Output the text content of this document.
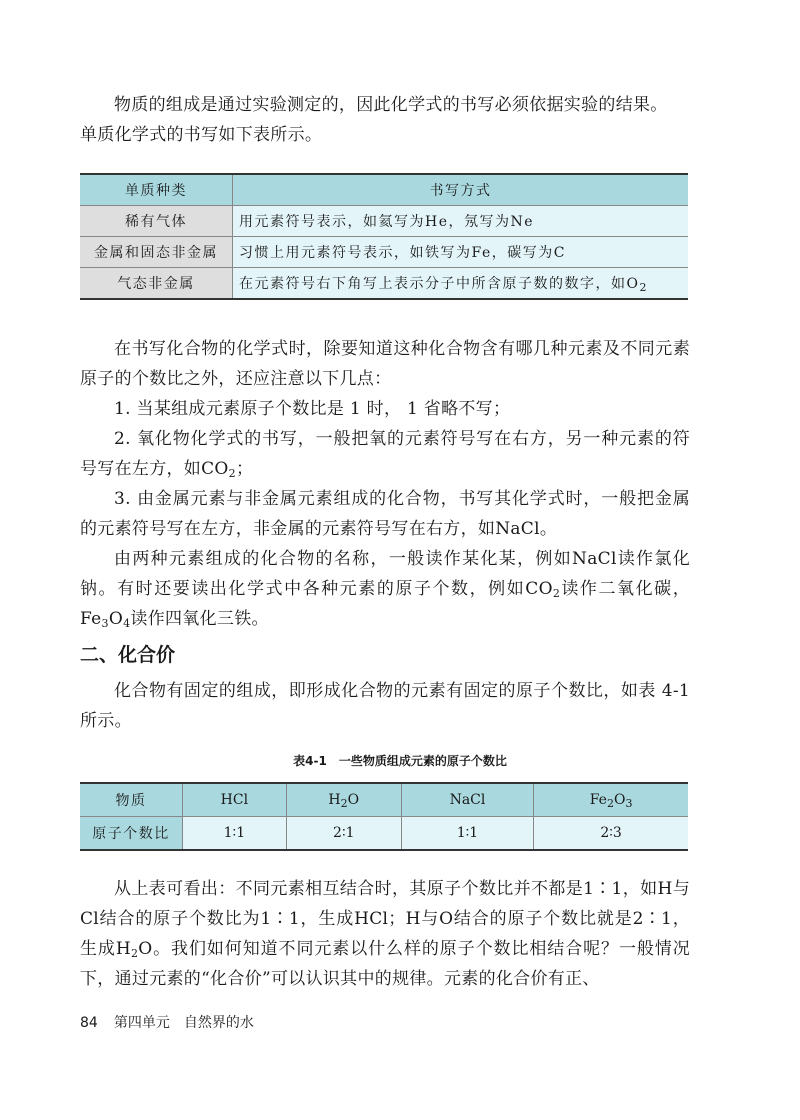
物质的组成是通过实验测定的，因此化学式的书写必须依据实验的结果。
单质化学式的书写如下表所示。

单质种类	书写方式
稀有气体	用元素符号表示，如氦写为He，氖写为Ne
金属和固态非金属	习惯上用元素符号表示，如铁写为Fe，碳写为C
气态非金属	在元素符号右下角写上表示分子中所含原子数的数字，如$O_2$

在书写化合物的化学式时，除要知道这种化合物含有哪几种元素及不同元素原子的个数比之外，还应注意以下几点：

1. 当某组成元素原子个数比是 1 时， 1 省略不写；

2. 氧化物化学式的书写，一般把氧的元素符号写在右方，另一种元素的符号写在左方，如$CO_2$；

3. 由金属元素与非金属元素组成的化合物，书写其化学式时，一般把金属的元素符号写在左方，非金属的元素符号写在右方，如NaCl。

由两种元素组成的化合物的名称，一般读作某化某，例如NaCl读作氯化钠。有时还要读出化学式中各种元素的原子个数，例如$CO_2$读作二氧化碳，$Fe_3O_4$读作四氧化三铁。

二、化合价

化合物有固定的组成，即形成化合物的元素有固定的原子个数比，如表 4-1 所示。

表4-1　一些物质组成元素的原子个数比

物质	HCl	$H_2O$	NaCl	$Fe_2O_3$
原子个数比	1∶1	2∶1	1∶1	2∶3

从上表可看出：不同元素相互结合时，其原子个数比并不都是1∶1，如H与Cl结合的原子个数比为1∶1，生成HCl；H与O结合的原子个数比就是2∶1，生成$H_2O$。我们如何知道不同元素以什么样的原子个数比相结合呢？一般情况下，通过元素的“化合价”可以认识其中的规律。元素的化合价有正、

84 第四单元　自然界的水
